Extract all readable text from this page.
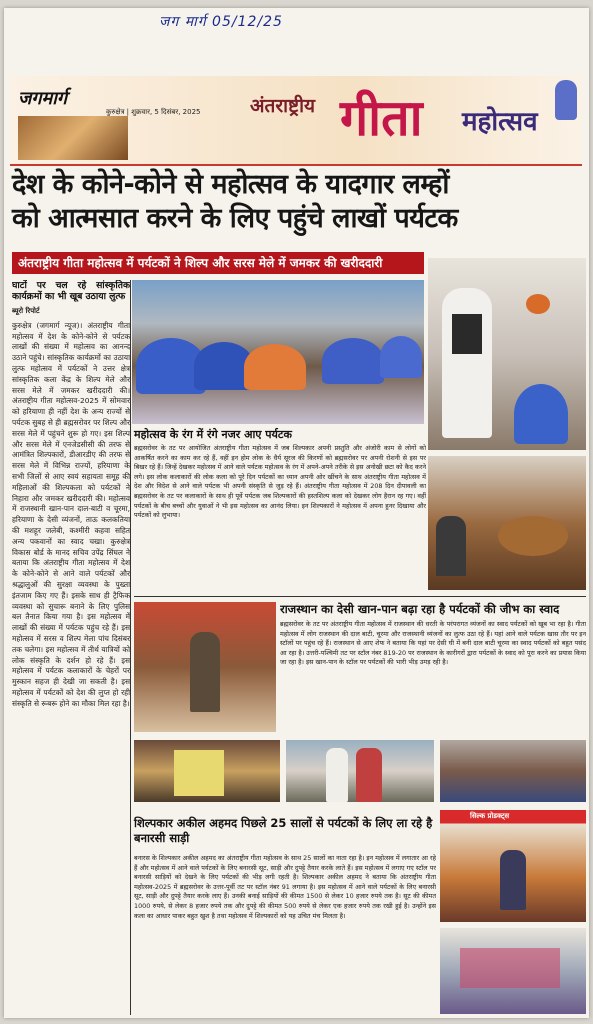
जग मार्ग 05/12/25
जगमार्ग
कुरुक्षेत्र | शुक्रवार, 5 दिसंबर, 2025	अंतराष्ट्रीय गीता महोत्सव
देश के कोने-कोने से महोत्सव के यादगार लम्हों
को आत्मसात करने के लिए पहुंचे लाखों पर्यटक
अंतराष्ट्रीय गीता महोत्सव में पर्यटकों ने शिल्प और सरस मेले में जमकर की खरीददारी
घाटों पर चल रहे सांस्कृतिक कार्यक्रमों का भी खूब उठाया लुत्फ
ब्यूरो रिपोर्ट
कुरुक्षेत्र (जगमार्ग न्यूज)। अंतराष्ट्रीय गीता महोत्सव में देश के कोने-कोने से पर्यटक लाखों की संख्या में महोत्सव का आनन्द उठाने पहुंचे। सांस्कृतिक कार्यक्रमों का उठाया लुत्फ महोत्सव में पर्यटकों ने उत्तर क्षेत्र सांस्कृतिक कला केंद्र के शिल्प मेले और सरस मेले में जमकर खरीददारी की। अंतराष्ट्रीय गीता महोत्सव-2025 में सोमवार को हरियाणा ही नहीं देश के अन्य राज्यों से पर्यटक सुबह से ही ब्रह्मसरोवर पर शिल्प और सरस मेले में पहुंचने शुरू हो गए। इस शिल्प और सरस मेले में एनजेडसीसी की तरफ से आमंत्रित शिल्पकारों, डीआरडीए की तरफ से सरस मेले में विभिन्न राज्यों, हरियाणा के सभी जिलों से आए स्वयं सहायता समूह की महिलाओं की शिल्पकला को पर्यटकों ने निहारा और जमकर खरीददारी की। महोत्सव में राजस्थानी खान-पान दाल-बाटी व चूरमा, हरियाणा के देसी व्यंजनों, ताऊ कलकतिया की मशहूर जलेबी, कश्मीरी कहवा सहित अन्य पकवानों का स्वाद चखा। कुरुक्षेत्र विकास बोर्ड के मानद सचिव उपेंद्र सिंघल ने बताया कि अंतराष्ट्रीय गीता महोत्सव में देश के कोने-कोने से आने वाले पर्यटकों और श्रद्धालुओं की सुरक्षा व्यवस्था के पुख्ता इंतजाम किए गए हैं। इसके साथ ही ट्रैफिक व्यवस्था को सुचारू बनाने के लिए पुलिस बल तैनात किया गया है। इस महोत्सव में लाखों की संख्या में पर्यटक पहुंच रहे हैं। इस महोत्सव में सरस व शिल्प मेला पांच दिसंबर तक चलेगा। इस महोत्सव में तीर्थ यात्रियों को लोक संस्कृति के दर्शन हो रहे हैं। इस महोत्सव में पर्यटक कलाकारों के चेहरों पर मुस्कान सहज ही देखी जा सकती है। इस महोत्सव में पर्यटकों को देश की लुप्त हो रही संस्कृति से रूबरू होने का मौका मिल रहा है।
महोत्सव के रंग में रंगे नजर आए पर्यटक
ब्रह्मसरोवर के तट पर आयोजित अंतराष्ट्रीय गीता महोत्सव में जब शिल्पकार अपनी प्रस्तुति और अंजोरी काम से लोगों को आकर्षित करने का काम कर रहे हैं, वहीं इन होम लोक के धैर्य सूरज की किरणों को ब्रह्मसरोवर पर अपनी रोशनी से इस पर बिखर रहे हैं। जिन्हें देखकर महोत्सव में आने वाले पर्यटक महोत्सव के रंग में अपने-अपने तरीके से इस अनोखी छटा को कैद करने लगे। इस लोक कलाकारों की लोक कला को पूरे दिन पर्यटकों का ध्यान अपनी ओर खींचने के साथ अंतराष्ट्रीय गीता महोत्सव में देश और विदेश से आने वाले पर्यटक भी अपनी संस्कृति से जुड़ रहे हैं। अंतराष्ट्रीय गीता महोत्सव में 208 दिन दीपावली का ब्रह्मसरोवर के तट पर कलाकारों के साथ ही पूर्वे पर्यटक जब शिल्पकारों की हस्तशिल्प कला को देखकर लोग हैरान रह गए। वहीं पर्यटकों के बीच बच्चों और युवाओं ने भी इस महोत्सव का आनंद लिया। इन शिल्पकारों ने महोत्सव में अपना हुनर दिखाया और पर्यटकों को लुभाया।
राजस्थान का देसी खान-पान बढ़ा रहा है पर्यटकों की जीभ का स्वाद
ब्रह्मसरोवर के तट पर अंतराष्ट्रीय गीता महोत्सव में राजस्थान की धरती के परंपरागत व्यंजनों का स्वाद पर्यटकों को खूब भा रहा है। गीता महोत्सव में लोग राजस्थान की दाल बाटी, चूरमा और राजस्थानी व्यंजनों का लुत्फ उठा रहे हैं। यहां आने वाले पर्यटक खास तौर पर इन स्टॉलों पर पहुंच रहे हैं। राजस्थान से आए शेफ ने बताया कि यहां पर देसी घी में बनी दाल बाटी चूरमा का स्वाद पर्यटकों को बहुत पसंद आ रहा है। उत्तरी-पश्चिमी तट पर स्टॉल नंबर 819-20 पर राजस्थान के कारीगरों द्वारा पर्यटकों के स्वाद को पूरा करने का प्रयास किया जा रहा है। इस खान-पान के स्टॉल पर पर्यटकों की भारी भीड़ उमड़ रही है।
शिल्पकार अकील अहमद पिछले 25 सालों से पर्यटकों के लिए ला रहे है बनारसी साड़ी
बनारस के शिल्पकार अकील अहमद का अंतराष्ट्रीय गीता महोत्सव के साथ 25 सालों का नाता रहा है। इन महोत्सव में लगातार आ रहे हैं और महोत्सव में आने वाले पर्यटकों के लिए बनारसी सूट, साड़ी और दुपट्टे तैयार करके लाते हैं। इस महोत्सव में लगाए गए स्टॉल पर बनारसी साड़ियों को देखने के लिए पर्यटकों की भीड़ लगी रहती है। शिल्पकार अकील अहमद ने बताया कि अंतराष्ट्रीय गीता महोत्सव-2025 में ब्रह्मसरोवर के उत्तर-पूर्वी तट पर स्टॉल नंबर 91 लगाया है। इस महोत्सव में आने वाले पर्यटकों के लिए बनारसी सूट, साड़ी और दुपट्टे तैयार करके लाए हैं। उनकी बनाई साड़ियों की कीमत 1500 से लेकर 10 हजार रुपये तक है। सूट की कीमत 1000 रुपये, से लेकर 8 हजार रुपये तक और दुपट्टे की कीमत 500 रुपये से लेकर एक हजार रुपये तक रखी हुई है। उन्होंने इस कला का आधार पाकर बहुत खुश है तथा महोत्सव में शिल्पकारों को यह उचित मंच मिलता है।
सिल्क प्रोडक्ट्स
